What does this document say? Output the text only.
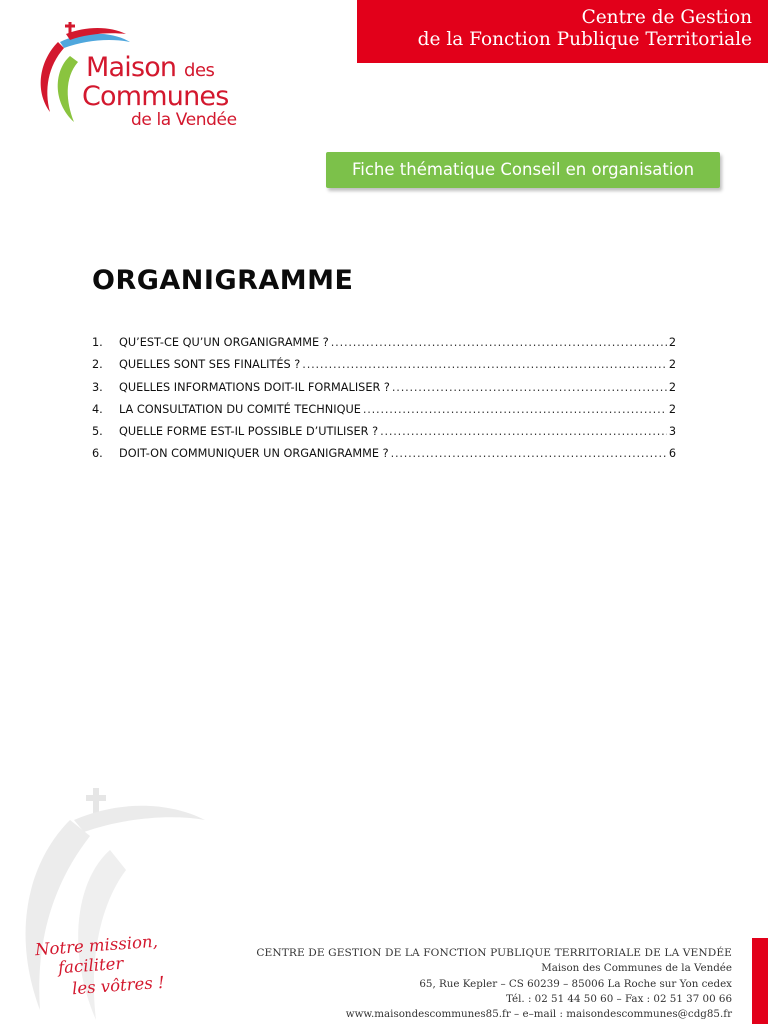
Centre de Gestion
de la Fonction Publique Territoriale
Maison des
Communes
de la Vendée
Fiche thématique Conseil en organisation
ORGANIGRAMME
1.	QU’EST-CE QU’UN ORGANIGRAMME ? .....	2
2.	QUELLES SONT SES FINALITÉS ? .....	2
3.	QUELLES INFORMATIONS DOIT-IL FORMALISER ? .....	2
4.	LA CONSULTATION DU COMITÉ TECHNIQUE .....	2
5.	QUELLE FORME EST-IL POSSIBLE D’UTILISER ? .....	3
6.	DOIT-ON COMMUNIQUER UN ORGANIGRAMME ? .....	6
Notre mission,
faciliter
les vôtres !
CENTRE DE GESTION DE LA FONCTION PUBLIQUE TERRITORIALE DE LA VENDÉE
Maison des Communes de la Vendée
65, Rue Kepler – CS 60239 – 85006 La Roche sur Yon cedex
Tél. : 02 51 44 50 60 – Fax : 02 51 37 00 66
www.maisondescommunes85.fr – e–mail : maisondescommunes@cdg85.fr
